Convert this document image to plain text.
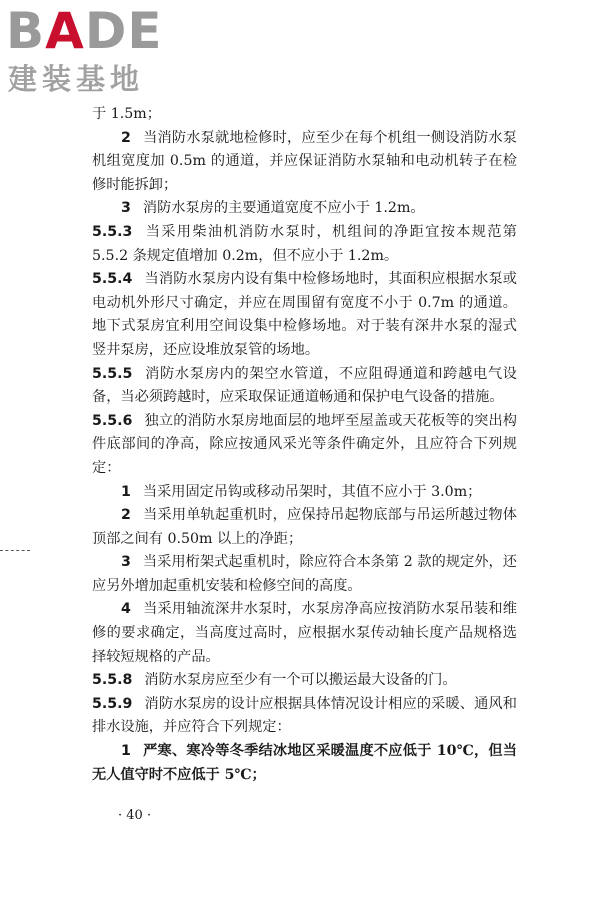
BADE
建装基地

于 1.5m；

2 当消防水泵就地检修时，应至少在每个机组一侧设消防水泵机组宽度加 0.5m 的通道，并应保证消防水泵轴和电动机转子在检修时能拆卸；

3 消防水泵房的主要通道宽度不应小于 1.2m。

5.5.3 当采用柴油机消防水泵时，机组间的净距宜按本规范第 5.5.2 条规定值增加 0.2m，但不应小于 1.2m。

5.5.4 当消防水泵房内设有集中检修场地时，其面积应根据水泵或电动机外形尺寸确定，并应在周围留有宽度不小于 0.7m 的通道。地下式泵房宜利用空间设集中检修场地。对于装有深井水泵的湿式竖井泵房，还应设堆放泵管的场地。

5.5.5 消防水泵房内的架空水管道，不应阻碍通道和跨越电气设备，当必须跨越时，应采取保证通道畅通和保护电气设备的措施。

5.5.6 独立的消防水泵房地面层的地坪至屋盖或天花板等的突出构件底部间的净高，除应按通风采光等条件确定外，且应符合下列规定：

1 当采用固定吊钩或移动吊架时，其值不应小于 3.0m；

2 当采用单轨起重机时，应保持吊起物底部与吊运所越过物体顶部之间有 0.50m 以上的净距；

3 当采用桁架式起重机时，除应符合本条第 2 款的规定外，还应另外增加起重机安装和检修空间的高度。

4 当采用轴流深井水泵时，水泵房净高应按消防水泵吊装和维修的要求确定，当高度过高时，应根据水泵传动轴长度产品规格选择较短规格的产品。

5.5.8 消防水泵房应至少有一个可以搬运最大设备的门。

5.5.9 消防水泵房的设计应根据具体情况设计相应的采暖、通风和排水设施，并应符合下列规定：

1 严寒、寒冷等冬季结冰地区采暖温度不应低于 10℃，但当无人值守时不应低于 5℃；

· 40 ·
